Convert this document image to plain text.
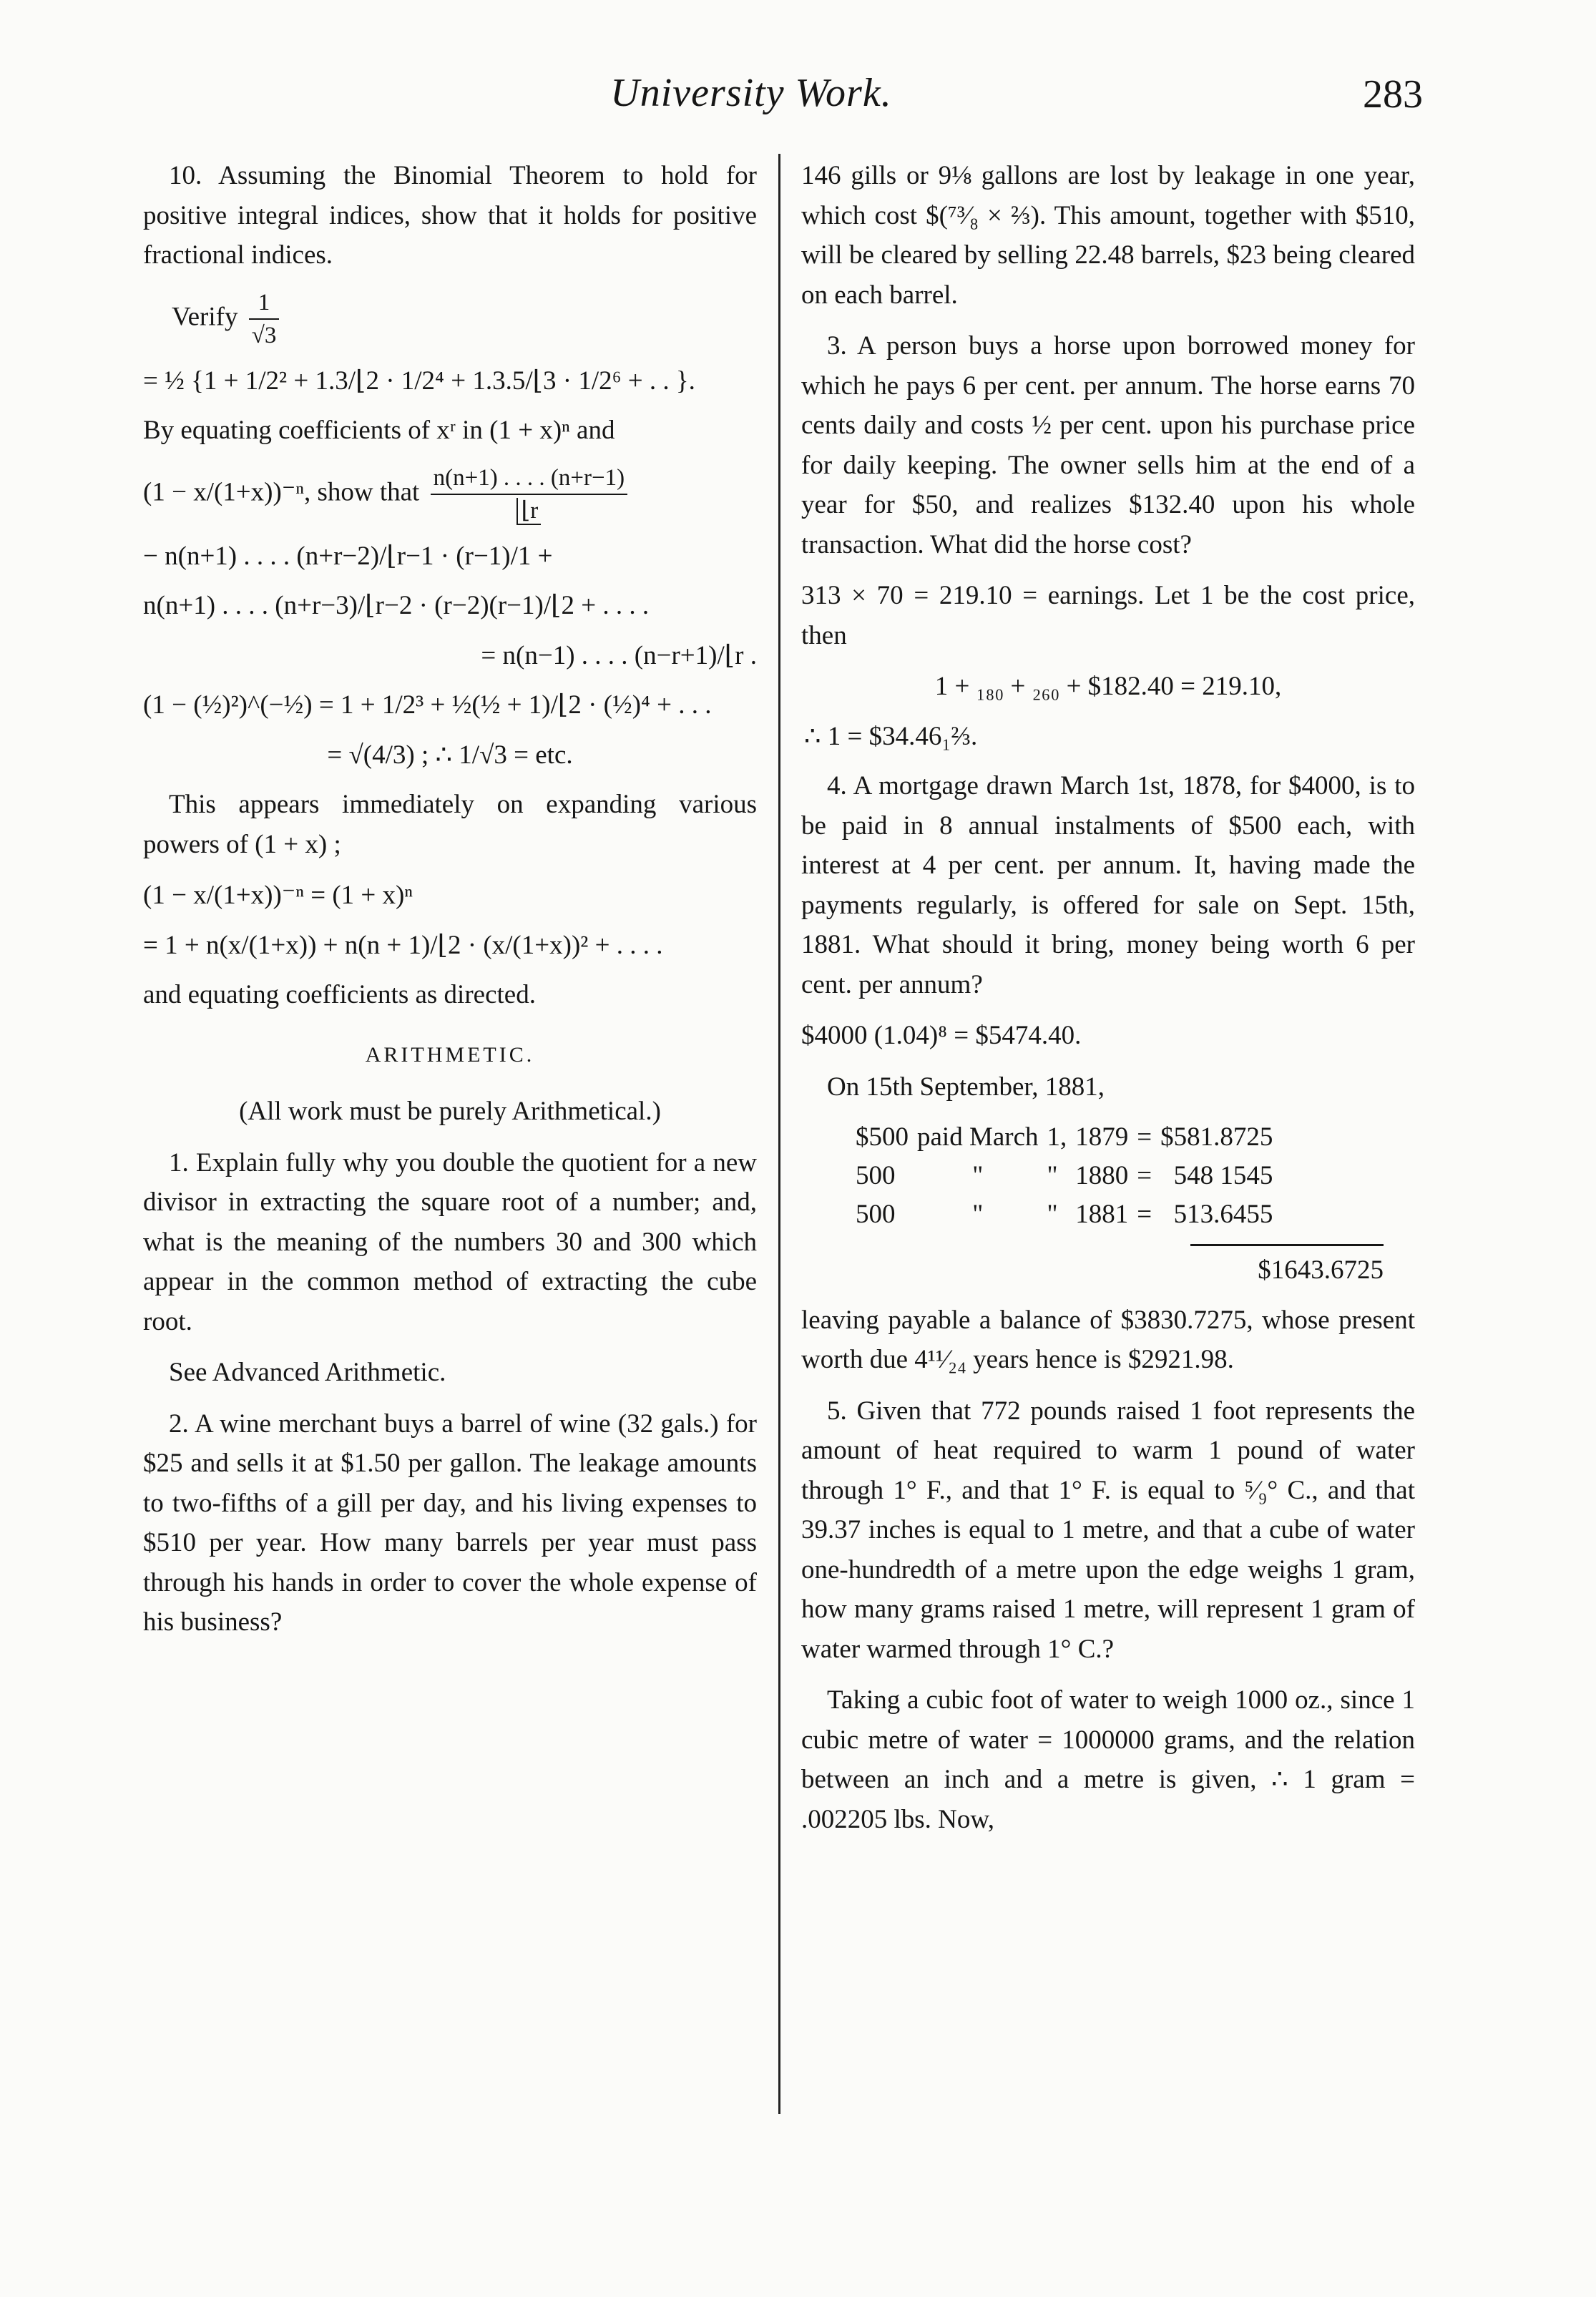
University Work.	283

10. Assuming the Binomial Theorem to hold for positive integral indices, show that it holds for positive fractional indices.

Verify $\frac{1}{√3}$
= ½ {1 + 1/2² + 1.3/⌊2 · 1/2⁴ + 1.3.5/⌊3 · 1/2⁶ + . . }.

By equating coefficients of xʳ in (1 + x)ⁿ and

(1 − x/(1+x))⁻ⁿ, show that $\frac{n(n+1) . . . . (n+r-1)}{⌊r}$
− n(n+1) . . . . (n+r−2)/⌊r−1 · (r−1)/1 +
n(n+1) . . . . (n+r−3)/⌊r−2 · (r−2)(r−1)/⌊2 + . . . .
= n(n−1) . . . . (n−r+1)/⌊r .
(1 − (½)²)^(−½) = 1 + 1/2³ + ½(½ + 1)/⌊2 · (½)⁴ + . . .
= √(4/3) ; ∴ 1/√3 = etc.

This appears immediately on expanding various powers of (1 + x) ;

(1 − x/(1+x))⁻ⁿ = (1 + x)ⁿ
= 1 + n(x/(1+x)) + n(n + 1)/⌊2 · (x/(1+x))² + . . . .

and equating coefficients as directed.

ARITHMETIC.

(All work must be purely Arithmetical.)

1. Explain fully why you double the quotient for a new divisor in extracting the square root of a number; and, what is the meaning of the numbers 30 and 300 which appear in the common method of extracting the cube root.

See Advanced Arithmetic.

2. A wine merchant buys a barrel of wine (32 gals.) for $25 and sells it at $1.50 per gallon. The leakage amounts to two-fifths of a gill per day, and his living expenses to $510 per year. How many barrels per year must pass through his hands in order to cover the whole expense of his business?

146 gills or 9⅛ gallons are lost by leakage in one year, which cost $(⁷³⁄₈ × ⅔). This amount, together with $510, will be cleared by selling 22.48 barrels, $23 being cleared on each barrel.

3. A person buys a horse upon borrowed money for which he pays 6 per cent. per annum. The horse earns 70 cents daily and costs ½ per cent. upon his purchase price for daily keeping. The owner sells him at the end of a year for $50, and realizes $132.40 upon his whole transaction. What did the horse cost?

313 × 70 = 219.10 = earnings. Let 1 be the cost price, then

1 + ₁₈₀ + ₂₆₀ + $182.40 = 219.10,
∴ 1 = $34.46₁⅔.

4. A mortgage drawn March 1st, 1878, for $4000, is to be paid in 8 annual instalments of $500 each, with interest at 4 per cent. per annum. It, having made the payments regularly, is offered for sale on Sept. 15th, 1881. What should it bring, money being worth 6 per cent. per annum?

$4000 (1.04)⁸ = $5474.40.

On 15th September, 1881,

$500	paid March	1,	1879	=	$581.8725
500	"	"	1880	=	548 1545
500	"	"	1881	=	513.6455
$1643.6725

leaving payable a balance of $3830.7275, whose present worth due 4¹¹⁄₂₄ years hence is $2921.98.

5. Given that 772 pounds raised 1 foot represents the amount of heat required to warm 1 pound of water through 1° F., and that 1° F. is equal to ⁵⁄₉° C., and that 39.37 inches is equal to 1 metre, and that a cube of water one-hundredth of a metre upon the edge weighs 1 gram, how many grams raised 1 metre, will represent 1 gram of water warmed through 1° C.?

Taking a cubic foot of water to weigh 1000 oz., since 1 cubic metre of water = 1000000 grams, and the relation between an inch and a metre is given, ∴ 1 gram = .002205 lbs. Now,
